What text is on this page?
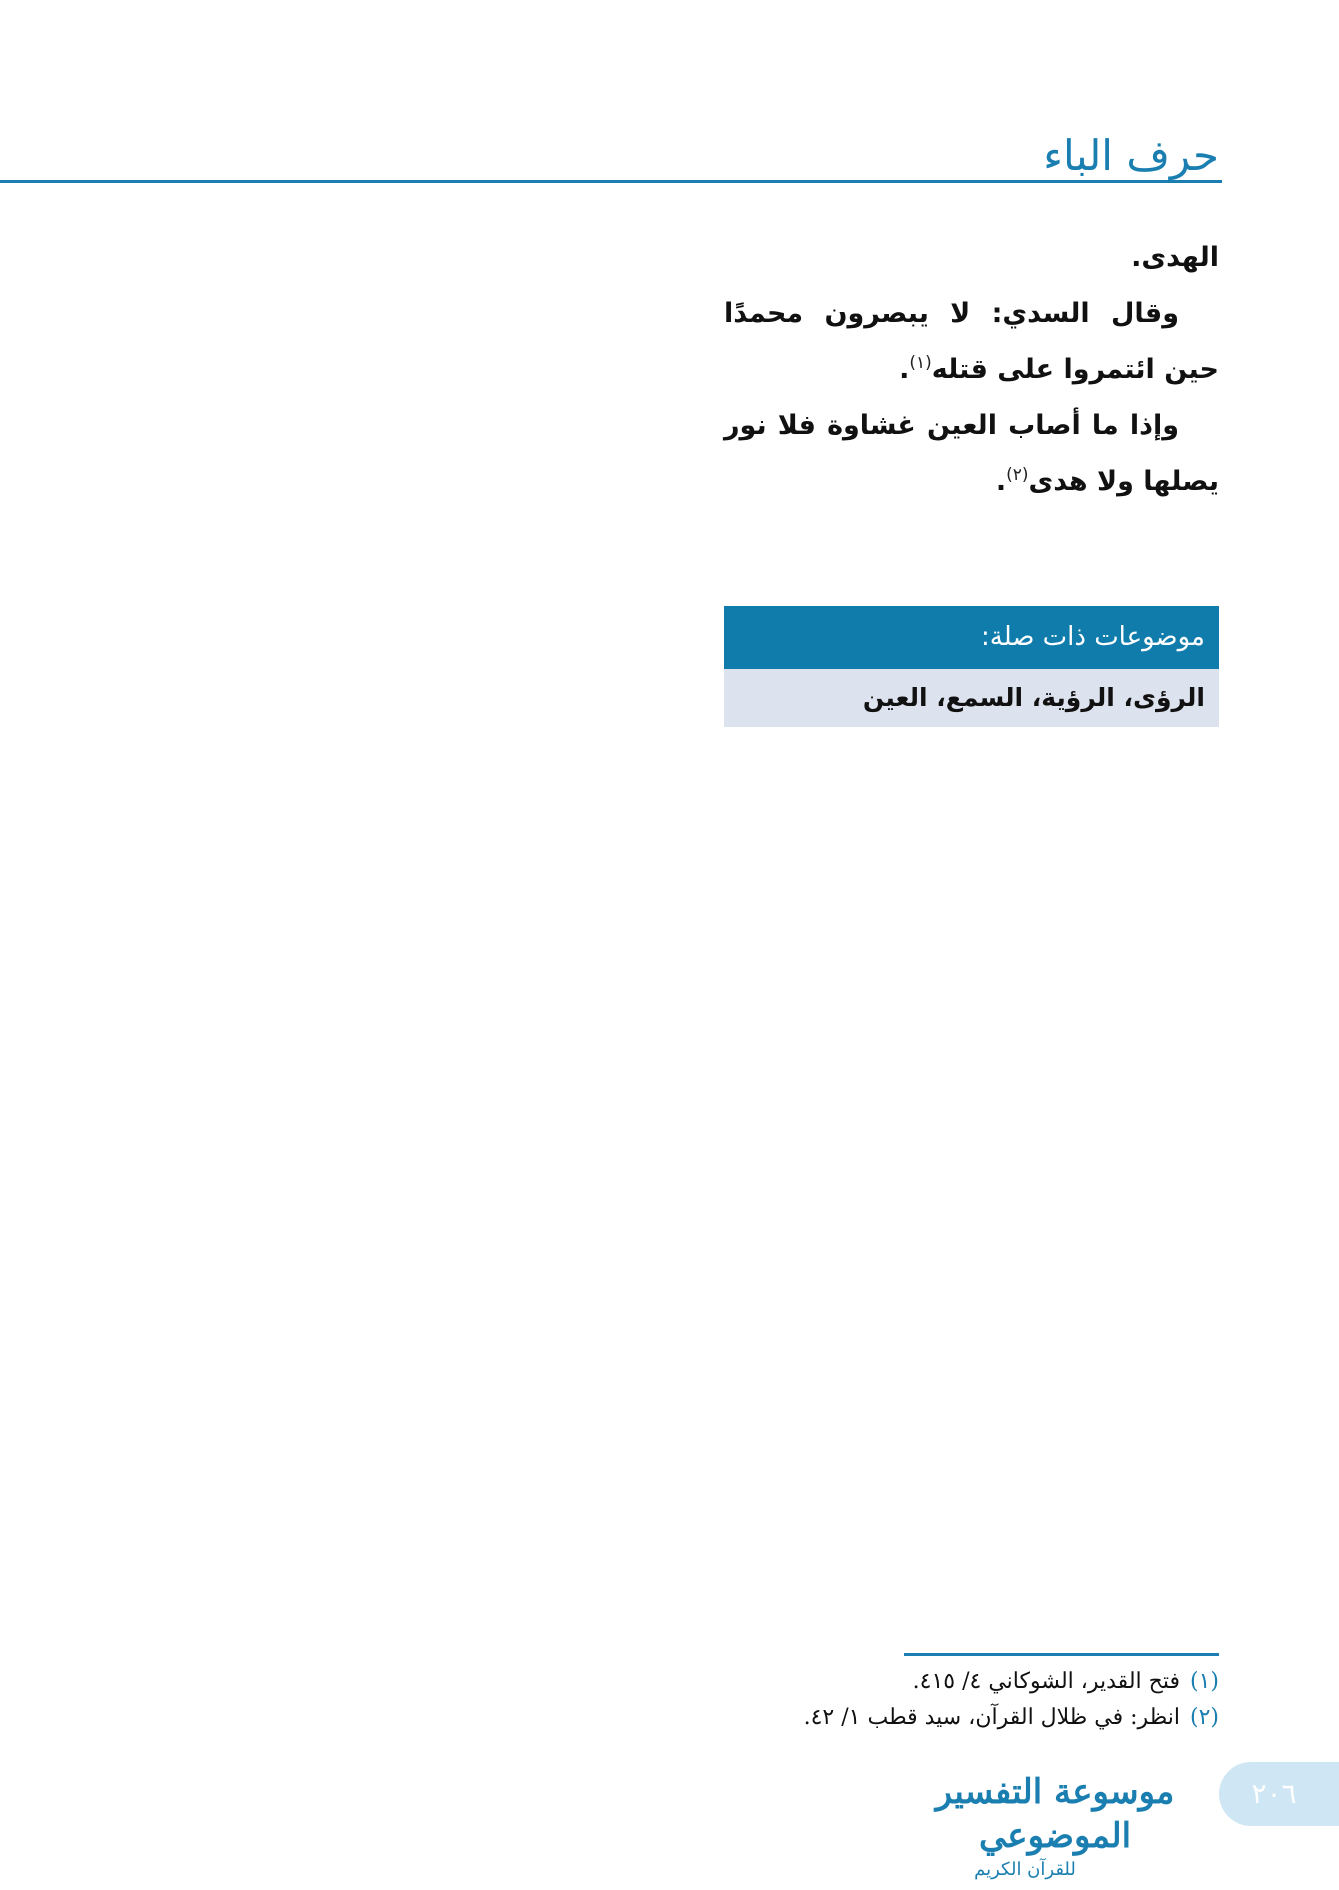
حرف الباء

الهدى.

وقال السدي: لا يبصرون محمدًا حين ائتمروا على قتله$^{(١)}$.

وإذا ما أصاب العين غشاوة فلا نور يصلها ولا هدى$^{(٢)}$.

موضوعات ذات صلة:
الرؤى، الرؤية، السمع، العين
(١)فتح القدير، الشوكاني ٤/ ٤١٥.
(٢)انظر: في ظلال القرآن، سيد قطب ١/ ٤٢.
موسوعة التفسير الموضوعي
للقرآن الكريم
٢٠٦
